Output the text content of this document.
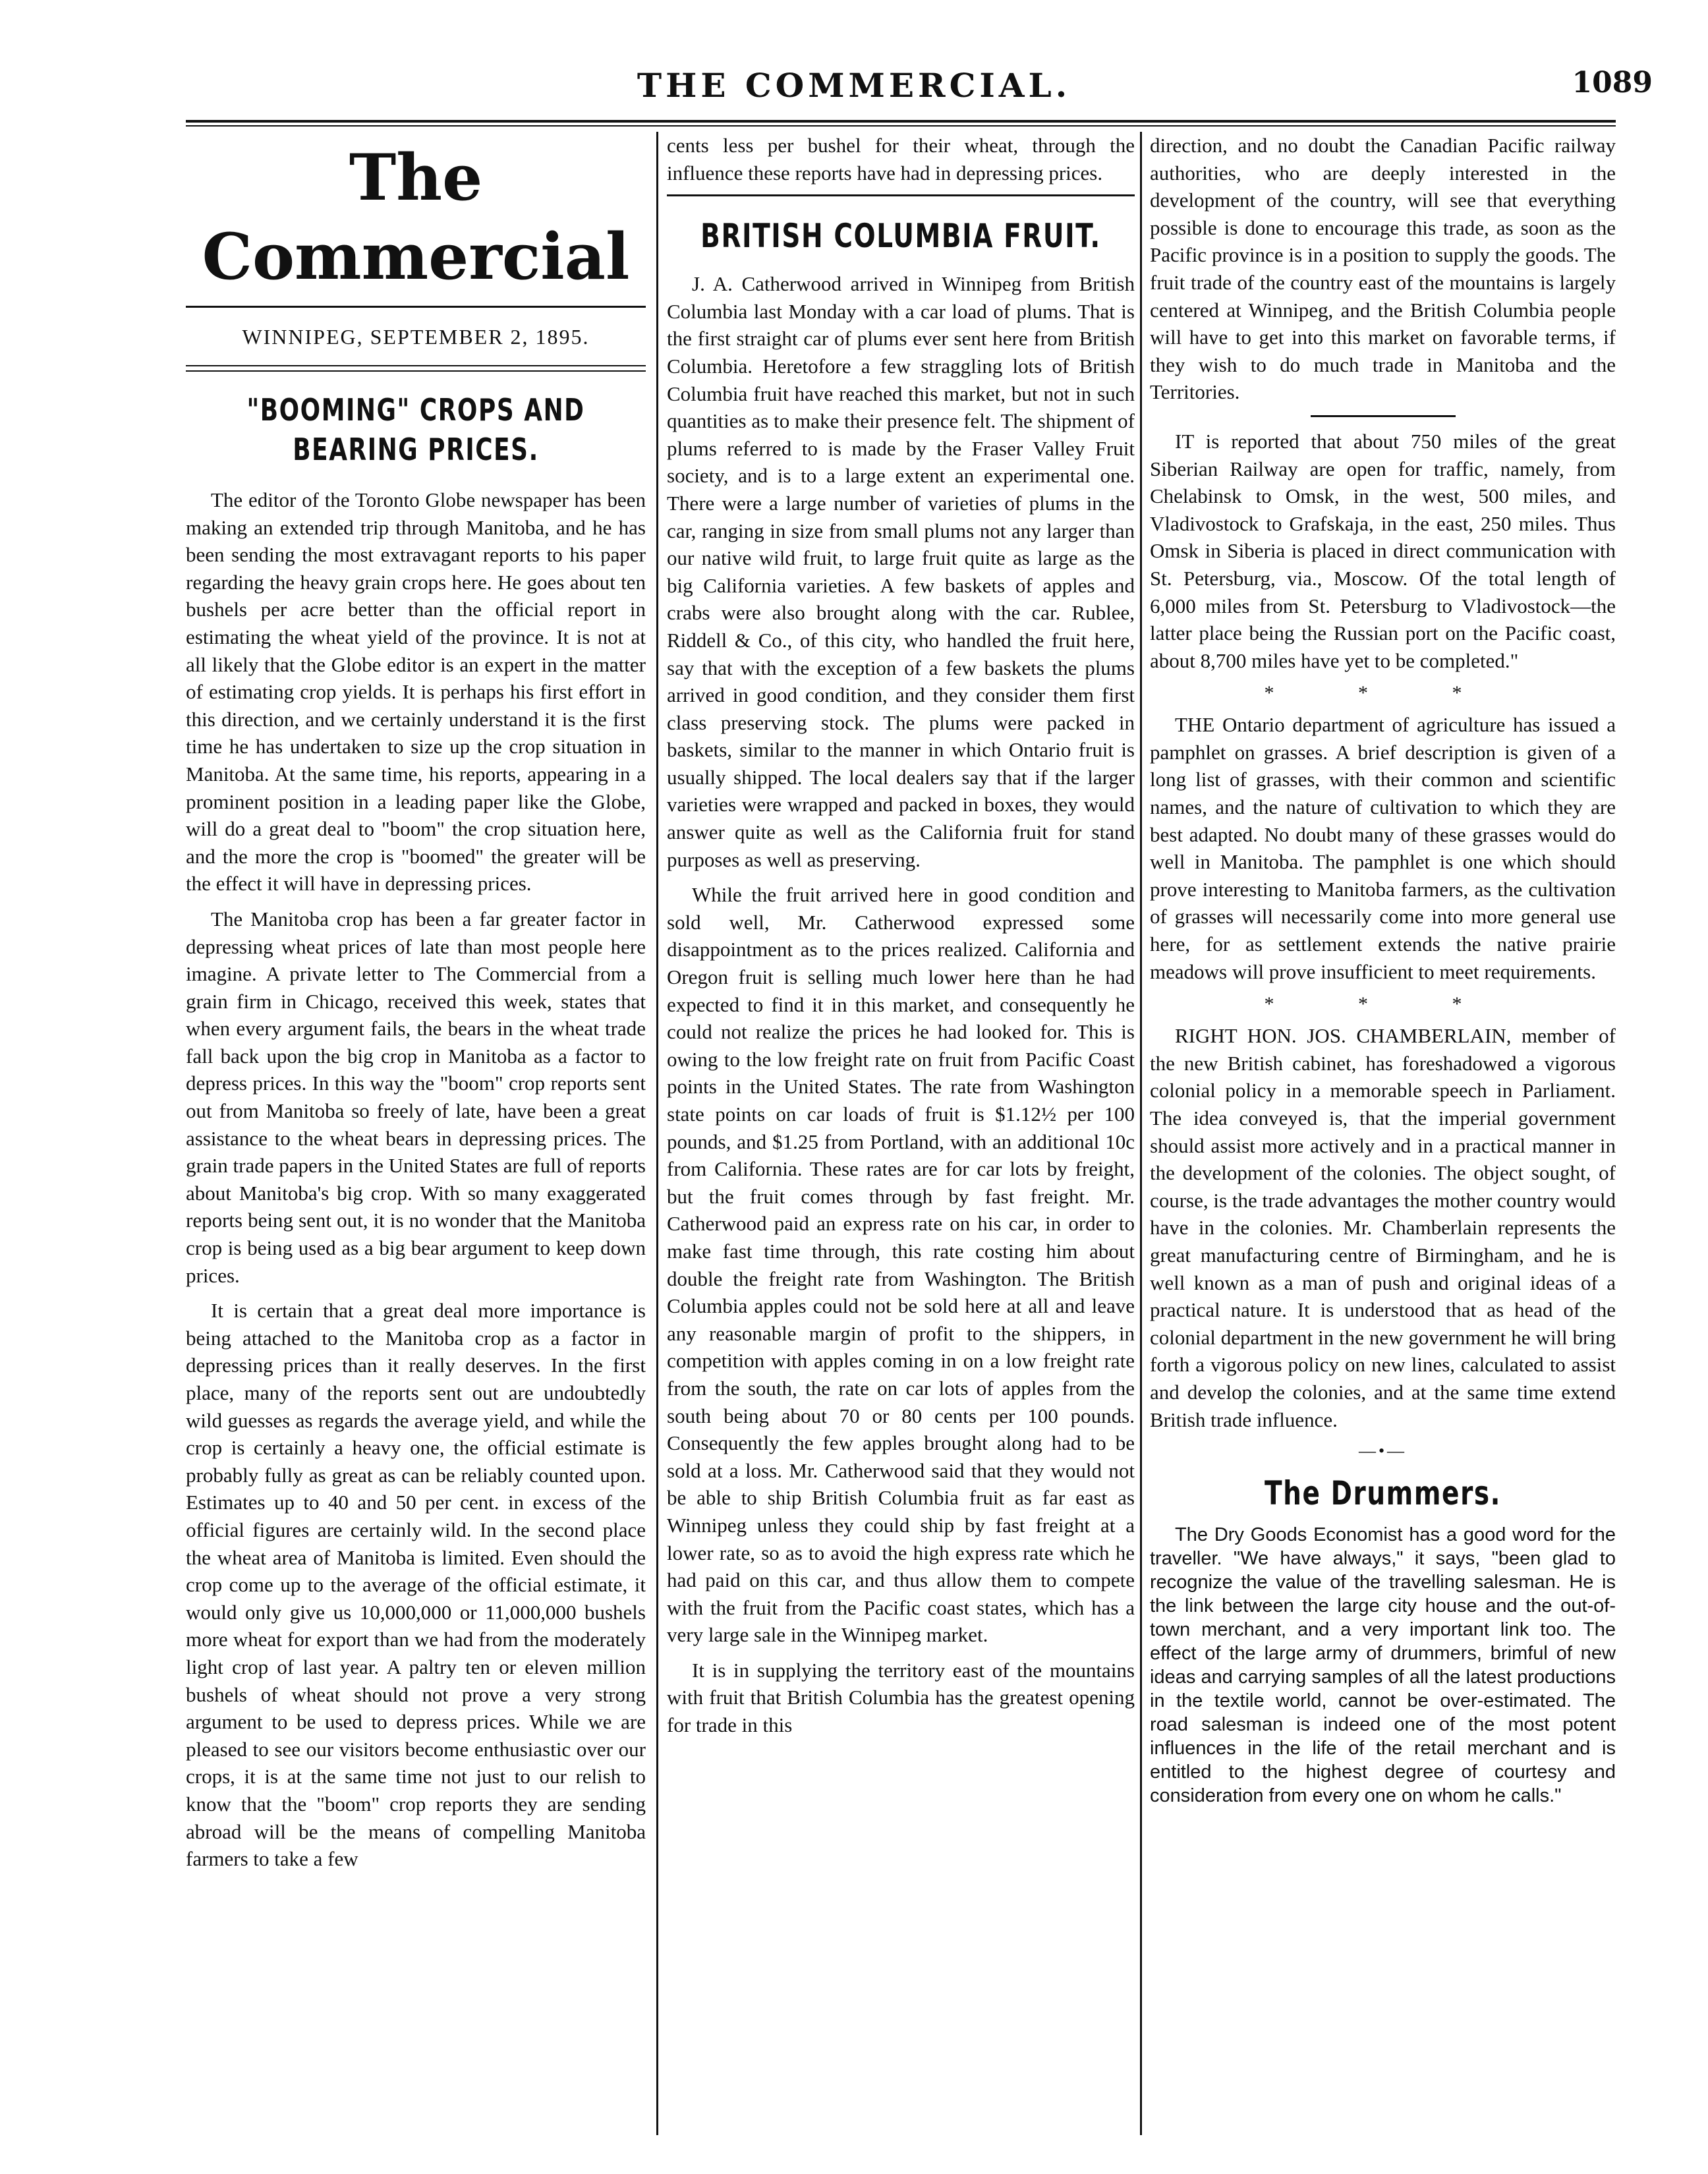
THE COMMERCIAL.	1089
The Commercial
WINNIPEG, SEPTEMBER 2, 1895.
"BOOMING" CROPS AND BEARING PRICES.

The editor of the Toronto Globe newspaper has been making an extended trip through Manitoba, and he has been sending the most extravagant reports to his paper regarding the heavy grain crops here. He goes about ten bushels per acre better than the official report in estimating the wheat yield of the province. It is not at all likely that the Globe editor is an expert in the matter of estimating crop yields. It is perhaps his first effort in this direction, and we certainly understand it is the first time he has undertaken to size up the crop situation in Manitoba. At the same time, his reports, appearing in a prominent position in a leading paper like the Globe, will do a great deal to "boom" the crop situation here, and the more the crop is "boomed" the greater will be the effect it will have in depressing prices.

The Manitoba crop has been a far greater factor in depressing wheat prices of late than most people here imagine. A private letter to The Commercial from a grain firm in Chicago, received this week, states that when every argument fails, the bears in the wheat trade fall back upon the big crop in Manitoba as a factor to depress prices. In this way the "boom" crop reports sent out from Manitoba so freely of late, have been a great assistance to the wheat bears in depressing prices. The grain trade papers in the United States are full of reports about Manitoba's big crop. With so many exaggerated reports being sent out, it is no wonder that the Manitoba crop is being used as a big bear argument to keep down prices.

It is certain that a great deal more importance is being attached to the Manitoba crop as a factor in depressing prices than it really deserves. In the first place, many of the reports sent out are undoubtedly wild guesses as regards the average yield, and while the crop is certainly a heavy one, the official estimate is probably fully as great as can be reliably counted upon. Estimates up to 40 and 50 per cent. in excess of the official figures are certainly wild. In the second place the wheat area of Manitoba is limited. Even should the crop come up to the average of the official estimate, it would only give us 10,000,000 or 11,000,000 bushels more wheat for export than we had from the moderately light crop of last year. A paltry ten or eleven million bushels of wheat should not prove a very strong argument to be used to depress prices. While we are pleased to see our visitors become enthusiastic over our crops, it is at the same time not just to our relish to know that the "boom" crop reports they are sending abroad will be the means of compelling Manitoba farmers to take a few

cents less per bushel for their wheat, through the influence these reports have had in depressing prices.

BRITISH COLUMBIA FRUIT.

J. A. Catherwood arrived in Winnipeg from British Columbia last Monday with a car load of plums. That is the first straight car of plums ever sent here from British Columbia. Heretofore a few straggling lots of British Columbia fruit have reached this market, but not in such quantities as to make their presence felt. The shipment of plums referred to is made by the Fraser Valley Fruit society, and is to a large extent an experimental one. There were a large number of varieties of plums in the car, ranging in size from small plums not any larger than our native wild fruit, to large fruit quite as large as the big California varieties. A few baskets of apples and crabs were also brought along with the car. Rublee, Riddell & Co., of this city, who handled the fruit here, say that with the exception of a few baskets the plums arrived in good condition, and they consider them first class preserving stock. The plums were packed in baskets, similar to the manner in which Ontario fruit is usually shipped. The local dealers say that if the larger varieties were wrapped and packed in boxes, they would answer quite as well as the California fruit for stand purposes as well as preserving.

While the fruit arrived here in good condition and sold well, Mr. Catherwood expressed some disappointment as to the prices realized. California and Oregon fruit is selling much lower here than he had expected to find it in this market, and consequently he could not realize the prices he had looked for. This is owing to the low freight rate on fruit from Pacific Coast points in the United States. The rate from Washington state points on car loads of fruit is $1.12½ per 100 pounds, and $1.25 from Portland, with an additional 10c from California. These rates are for car lots by freight, but the fruit comes through by fast freight. Mr. Catherwood paid an express rate on his car, in order to make fast time through, this rate costing him about double the freight rate from Washington. The British Columbia apples could not be sold here at all and leave any reasonable margin of profit to the shippers, in competition with apples coming in on a low freight rate from the south, the rate on car lots of apples from the south being about 70 or 80 cents per 100 pounds. Consequently the few apples brought along had to be sold at a loss. Mr. Catherwood said that they would not be able to ship British Columbia fruit as far east as Winnipeg unless they could ship by fast freight at a lower rate, so as to avoid the high express rate which he had paid on this car, and thus allow them to compete with the fruit from the Pacific coast states, which has a very large sale in the Winnipeg market.

It is in supplying the territory east of the mountains with fruit that British Columbia has the greatest opening for trade in this

direction, and no doubt the Canadian Pacific railway authorities, who are deeply interested in the development of the country, will see that everything possible is done to encourage this trade, as soon as the Pacific province is in a position to supply the goods. The fruit trade of the country east of the mountains is largely centered at Winnipeg, and the British Columbia people will have to get into this market on favorable terms, if they wish to do much trade in Manitoba and the Territories.

IT is reported that about 750 miles of the great Siberian Railway are open for traffic, namely, from Chelabinsk to Omsk, in the west, 500 miles, and Vladivostock to Grafskaja, in the east, 250 miles. Thus Omsk in Siberia is placed in direct communication with St. Petersburg, via., Moscow. Of the total length of 6,000 miles from St. Petersburg to Vladivostock—the latter place being the Russian port on the Pacific coast, about 8,700 miles have yet to be completed."

* * *

THE Ontario department of agriculture has issued a pamphlet on grasses. A brief description is given of a long list of grasses, with their common and scientific names, and the nature of cultivation to which they are best adapted. No doubt many of these grasses would do well in Manitoba. The pamphlet is one which should prove interesting to Manitoba farmers, as the cultivation of grasses will necessarily come into more general use here, for as settlement extends the native prairie meadows will prove insufficient to meet requirements.

* * *

RIGHT HON. JOS. CHAMBERLAIN, member of the new British cabinet, has foreshadowed a vigorous colonial policy in a memorable speech in Parliament. The idea conveyed is, that the imperial government should assist more actively and in a practical manner in the development of the colonies. The object sought, of course, is the trade advantages the mother country would have in the colonies. Mr. Chamberlain represents the great manufacturing centre of Birmingham, and he is well known as a man of push and original ideas of a practical nature. It is understood that as head of the colonial department in the new government he will bring forth a vigorous policy on new lines, calculated to assist and develop the colonies, and at the same time extend British trade influence.

—•—
The Drummers.

The Dry Goods Economist has a good word for the traveller. "We have always," it says, "been glad to recognize the value of the travelling salesman. He is the link between the large city house and the out-of-town merchant, and a very important link too. The effect of the large army of drummers, brimful of new ideas and carrying samples of all the latest productions in the textile world, cannot be over-estimated. The road salesman is indeed one of the most potent influences in the life of the retail merchant and is entitled to the highest degree of courtesy and consideration from every one on whom he calls."
